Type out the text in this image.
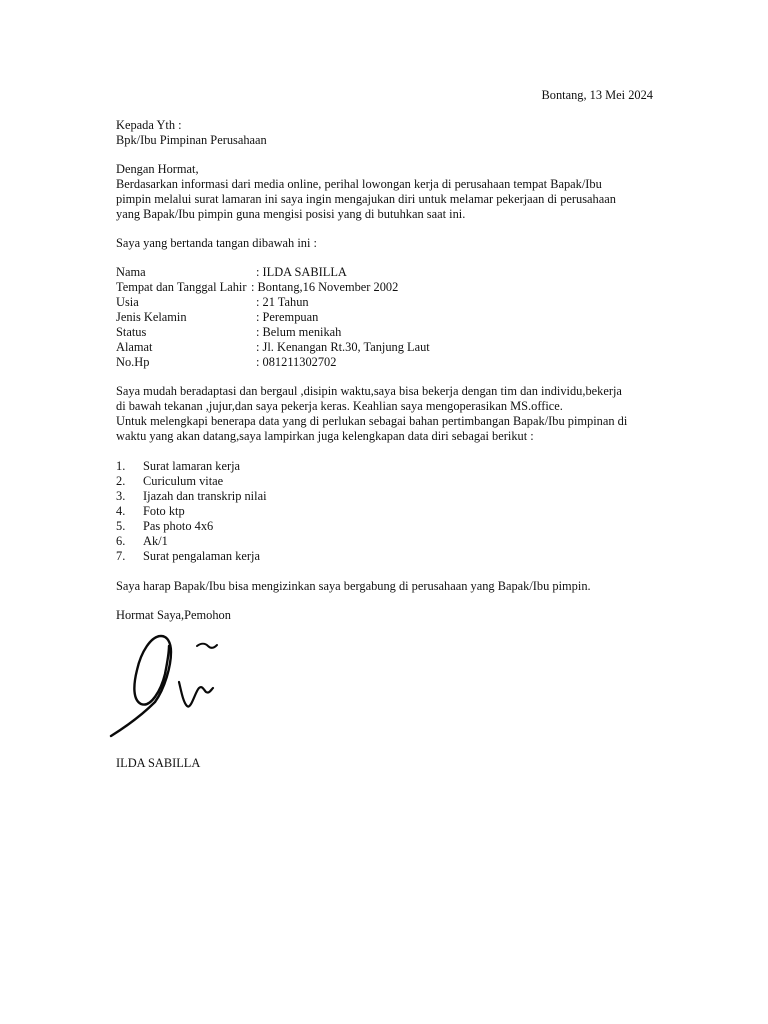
Bontang, 13 Mei 2024
Kepada Yth :
Bpk/Ibu Pimpinan Perusahaan
Dengan Hormat,
Berdasarkan informasi dari media online, perihal lowongan kerja di perusahaan tempat Bapak/Ibu
pimpin melalui surat lamaran ini saya ingin mengajukan diri untuk melamar pekerjaan di perusahaan
yang Bapak/Ibu pimpin guna mengisi posisi yang di butuhkan saat ini.
Saya yang bertanda tangan dibawah ini :
Nama	: ILDA SABILLA
Tempat dan Tanggal Lahir : Bontang,16 November 2002
Usia	: 21 Tahun
Jenis Kelamin	: Perempuan
Status	: Belum menikah
Alamat	: Jl. Kenangan Rt.30, Tanjung Laut
No.Hp	: 081211302702
Saya mudah beradaptasi dan bergaul ,disipin waktu,saya bisa bekerja dengan tim dan individu,bekerja
di bawah tekanan ,jujur,dan saya pekerja keras. Keahlian saya mengoperasikan MS.office.
Untuk melengkapi benerapa data yang di perlukan sebagai bahan pertimbangan Bapak/Ibu pimpinan di
waktu yang akan datang,saya lampirkan juga kelengkapan data diri sebagai berikut :
1. Surat lamaran kerja
2. Curiculum vitae
3. Ijazah dan transkrip nilai
4. Foto ktp
5. Pas photo 4x6
6. Ak/1
7. Surat pengalaman kerja
Saya harap Bapak/Ibu bisa mengizinkan saya bergabung di perusahaan yang Bapak/Ibu pimpin.
Hormat Saya,Pemohon
ILDA SABILLA
